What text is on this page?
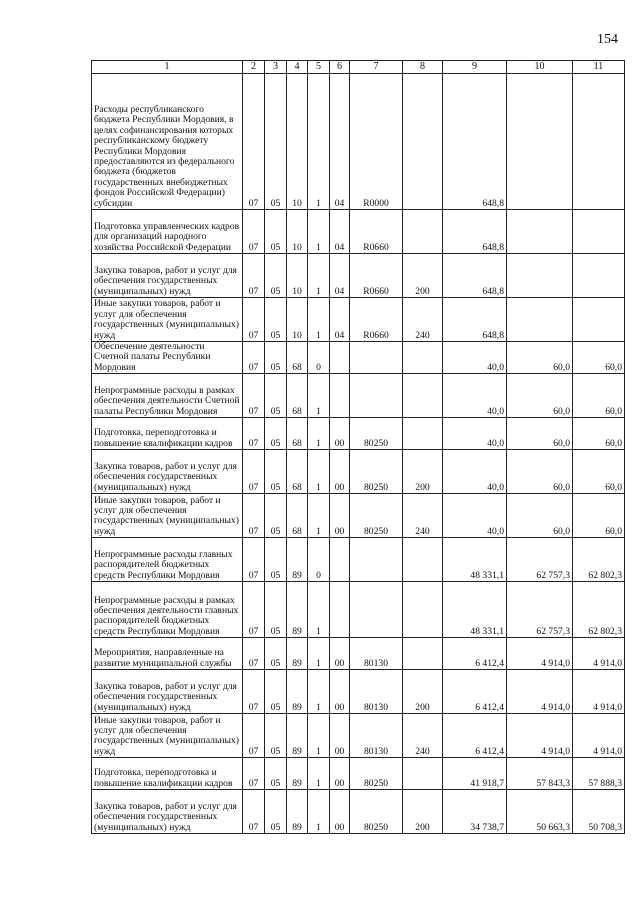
154
1	2	3	4	5	6	7	8	9	10	11
Расходы республиканского бюджета Республики Мордовия, в целях софинансирования которых республиканскому бюджету Республики Мордовия предоставляются из федерального бюджета (бюджетов государственных внебюджетных фондов Российской Федерации) субсидии	07	05	10	1	04	R0000		648,8		
Подготовка управленческих кадров для организаций народного хозяйства Российской Федерации	07	05	10	1	04	R0660		648,8		
Закупка товаров, работ и услуг для обеспечения государственных (муниципальных) нужд	07	05	10	1	04	R0660	200	648,8		
Иные закупки товаров, работ и услуг для обеспечения государственных (муниципальных) нужд	07	05	10	1	04	R0660	240	648,8		
Обеспечение деятельности Счетной палаты Республики Мордовия	07	05	68	0				40,0	60,0	60,0
Непрограммные расходы в рамках обеспечения деятельности Счетной палаты Республики Мордовия	07	05	68	1				40,0	60,0	60,0
Подготовка, переподготовка и повышение квалификации кадров	07	05	68	1	00	80250		40,0	60,0	60,0
Закупка товаров, работ и услуг для обеспечения государственных (муниципальных) нужд	07	05	68	1	00	80250	200	40,0	60,0	60,0
Иные закупки товаров, работ и услуг для обеспечения государственных (муниципальных) нужд	07	05	68	1	00	80250	240	40,0	60,0	60,0
Непрограммные расходы главных распорядителей бюджетных средств Республики Мордовия	07	05	89	0				48 331,1	62 757,3	62 802,3
Непрограммные расходы в рамках обеспечения деятельности главных распорядителей бюджетных средств Республики Мордовия	07	05	89	1				48 331,1	62 757,3	62 802,3
Мероприятия, направленные на развитие муниципальной службы	07	05	89	1	00	80130		6 412,4	4 914,0	4 914,0
Закупка товаров, работ и услуг для обеспечения государственных (муниципальных) нужд	07	05	89	1	00	80130	200	6 412,4	4 914,0	4 914,0
Иные закупки товаров, работ и услуг для обеспечения государственных (муниципальных) нужд	07	05	89	1	00	80130	240	6 412,4	4 914,0	4 914,0
Подготовка, переподготовка и повышение квалификации кадров	07	05	89	1	00	80250		41 918,7	57 843,3	57 888,3
Закупка товаров, работ и услуг для обеспечения государственных (муниципальных) нужд	07	05	89	1	00	80250	200	34 738,7	50 663,3	50 708,3
